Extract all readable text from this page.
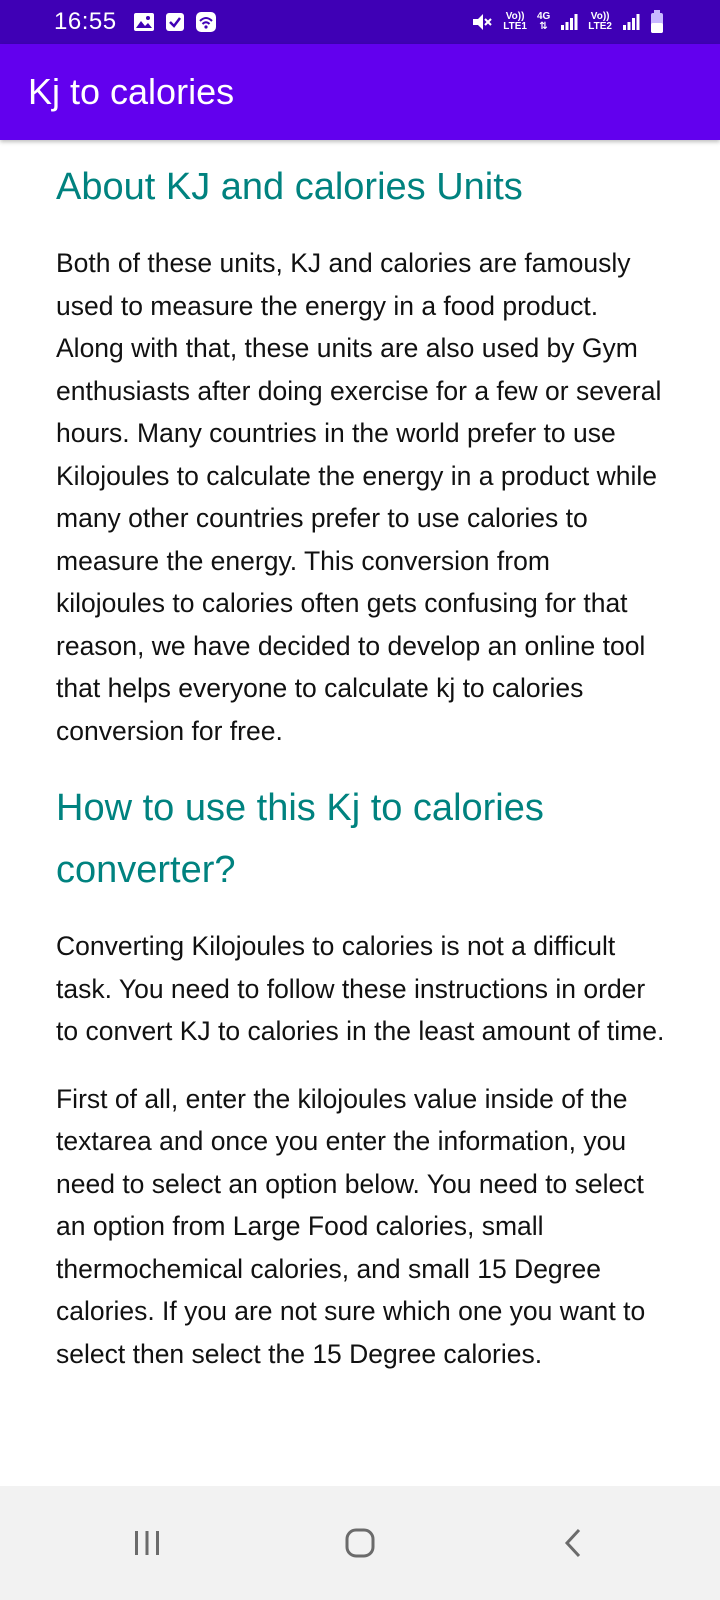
16:55	Vo))
LTE1
4G
⇅
Vo))
LTE2
Kj to calories
About KJ and calories Units

Both of these units, KJ and calories are famously used to measure the energy in a food product. Along with that, these units are also used by Gym enthusiasts after doing exercise for a few or several hours. Many countries in the world prefer to use Kilojoules to calculate the energy in a product while many other countries prefer to use calories to measure the energy. This conversion from kilojoules to calories often gets confusing for that reason, we have decided to develop an online tool that helps everyone to calculate kj to calories conversion for free.

How to use this Kj to calories converter?

Converting Kilojoules to calories is not a difficult task. You need to follow these instructions in order to convert KJ to calories in the least amount of time.

First of all, enter the kilojoules value inside of the textarea and once you enter the information, you need to select an option below. You need to select an option from Large Food calories, small thermochemical calories, and small 15 Degree calories. If you are not sure which one you want to select then select the 15 Degree calories.
